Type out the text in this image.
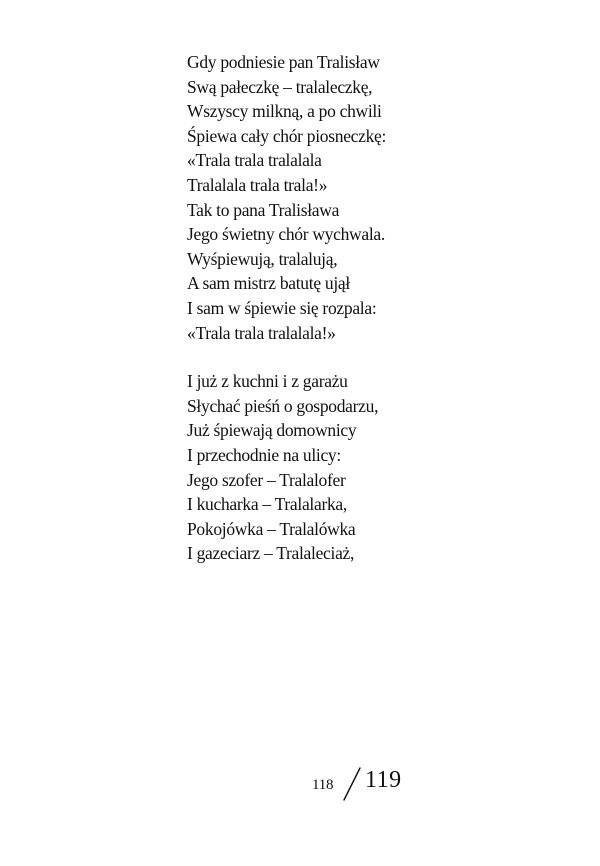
Gdy podniesie pan Tralisław
Swą pałeczkę – tralaleczkę,
Wszyscy milkną, a po chwili
Śpiewa cały chór piosneczkę:
«Trala trala tralalala
Tralalala trala trala!»
Tak to pana Tralisława
Jego świetny chór wychwala.
Wyśpiewują, tralalują,
A sam mistrz batutę ujął
I sam w śpiewie się rozpala:
«Trala trala tralalala!»
I już z kuchni i z garażu
Słychać pieśń o gospodarzu,
Już śpiewają domownicy
I przechodnie na ulicy:
Jego szofer – Tralalofer
I kucharka – Tralalarka,
Pokojówka – Tralalówka
I gazeciarz – Tralaleciaż,
118 119
